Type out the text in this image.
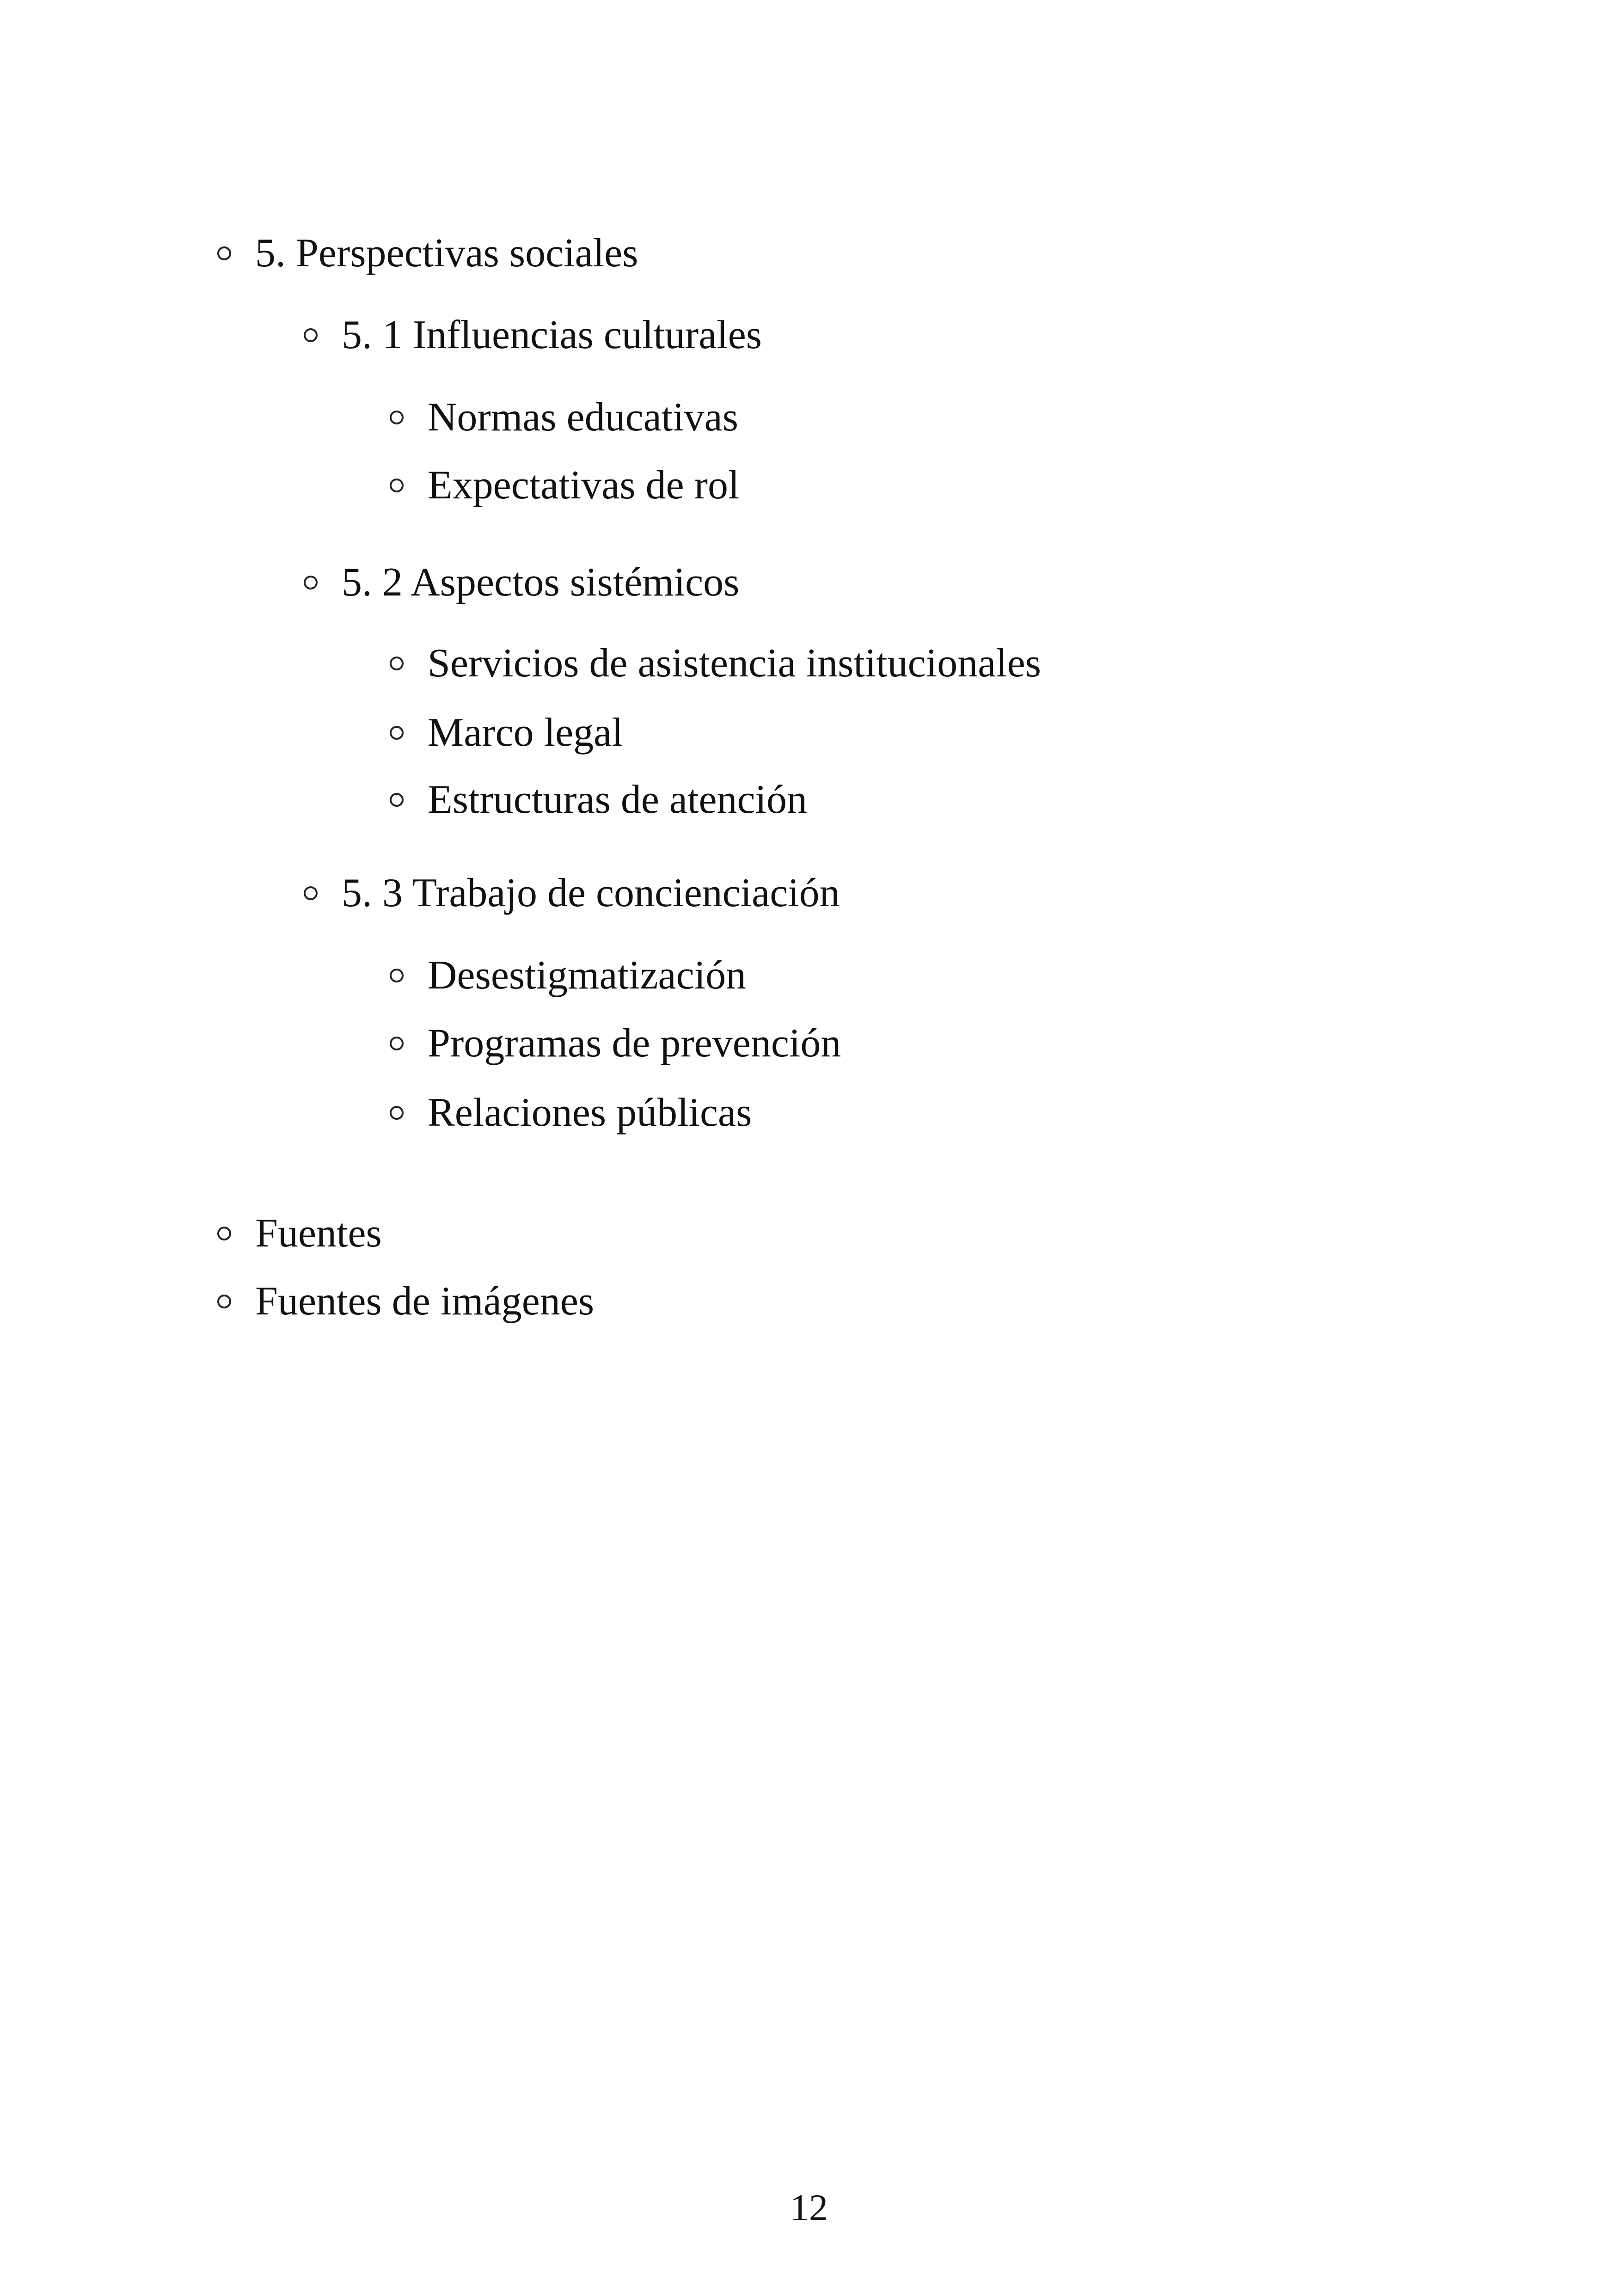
5. Perspectivas sociales
5. 1 Influencias culturales
Normas educativas
Expectativas de rol
5. 2 Aspectos sistémicos
Servicios de asistencia institucionales
Marco legal
Estructuras de atención
5. 3 Trabajo de concienciación
Desestigmatización
Programas de prevención
Relaciones públicas
Fuentes
Fuentes de imágenes
12
